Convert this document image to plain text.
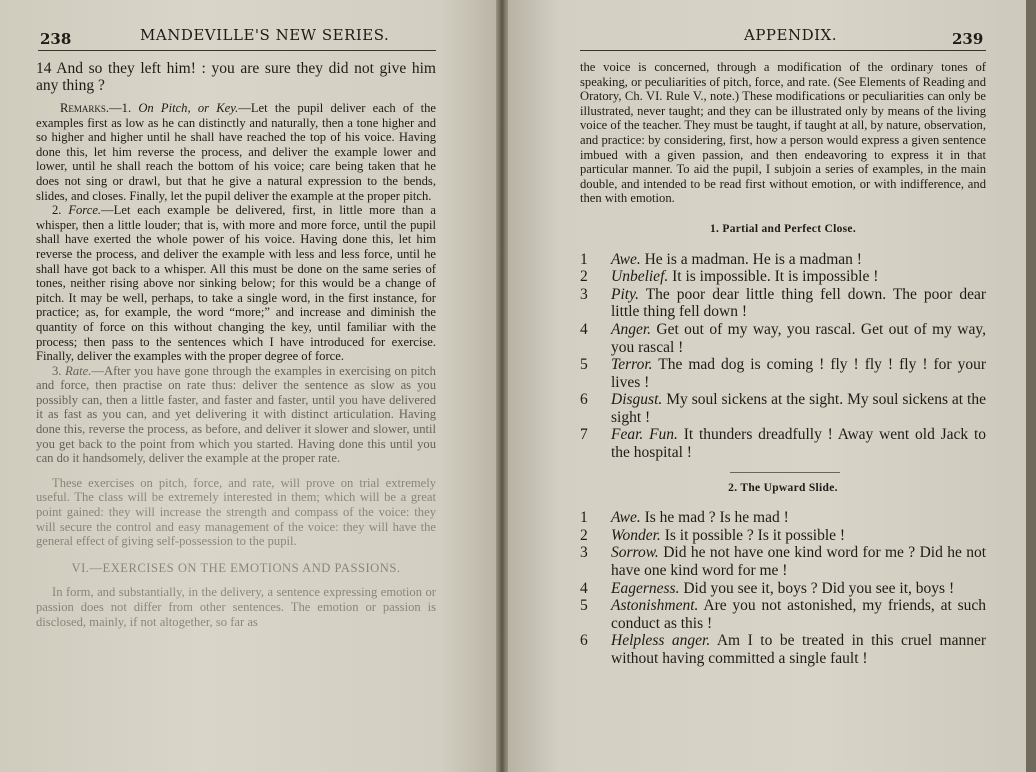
238	MANDEVILLE'S NEW SERIES.

14 And so they left him! : you are sure they did not give him any thing ?

Remarks.—1. On Pitch, or Key.—Let the pupil deliver each of the examples first as low as he can distinctly and naturally, then a tone higher and so higher and higher until he shall have reached the top of his voice. Having done this, let him reverse the process, and deliver the example lower and lower, until he shall reach the bottom of his voice; care being taken that he does not sing or drawl, but that he give a natural expression to the bends, slides, and closes. Finally, let the pupil deliver the example at the proper pitch.

2. Force.—Let each example be delivered, first, in little more than a whisper, then a little louder; that is, with more and more force, until the pupil shall have exerted the whole power of his voice. Having done this, let him reverse the process, and deliver the example with less and less force, until he shall have got back to a whisper. All this must be done on the same series of tones, neither rising above nor sinking below; for this would be a change of pitch. It may be well, perhaps, to take a single word, in the first instance, for practice; as, for example, the word “more;” and increase and diminish the quantity of force on this without changing the key, until familiar with the process; then pass to the sentences which I have introduced for exercise. Finally, deliver the examples with the proper degree of force.

3. Rate.—After you have gone through the examples in exercising on pitch and force, then practise on rate thus: deliver the sentence as slow as you possibly can, then a little faster, and faster and faster, until you have delivered it as fast as you can, and yet delivering it with distinct articulation. Having done this, reverse the process, as before, and deliver it slower and slower, until you get back to the point from which you started. Having done this until you can do it handsomely, deliver the example at the proper rate.

These exercises on pitch, force, and rate, will prove on trial extremely useful. The class will be extremely interested in them; which will be a great point gained: they will increase the strength and compass of the voice: they will secure the control and easy management of the voice: they will have the general effect of giving self-possession to the pupil.

VI.—EXERCISES ON THE EMOTIONS AND PASSIONS.

In form, and substantially, in the delivery, a sentence expressing emotion or passion does not differ from other sentences. The emotion or passion is disclosed, mainly, if not altogether, so far as

APPENDIX.	239

the voice is concerned, through a modification of the ordinary tones of speaking, or peculiarities of pitch, force, and rate. (See Elements of Reading and Oratory, Ch. VI. Rule V., note.) These modifications or peculiarities can only be illustrated, never taught; and they can be illustrated only by means of the living voice of the teacher. They must be taught, if taught at all, by nature, observation, and practice: by considering, first, how a person would express a given sentence imbued with a given passion, and then endeavoring to express it in that particular manner. To aid the pupil, I subjoin a series of examples, in the main double, and intended to be read first without emotion, or with indifference, and then with emotion.

1. Partial and Perfect Close.

1 Awe. He is a madman. He is a madman !
2 Unbelief. It is impossible. It is impossible !
3 Pity. The poor dear little thing fell down. The poor dear little thing fell down !
4 Anger. Get out of my way, you rascal. Get out of my way, you rascal !
5 Terror. The mad dog is coming ! fly ! fly ! fly ! for your lives !
6 Disgust. My soul sickens at the sight. My soul sickens at the sight !
7 Fear. Fun. It thunders dreadfully ! Away went old Jack to the hospital !

2. The Upward Slide.

1 Awe. Is he mad ? Is he mad !
2 Wonder. Is it possible ? Is it possible !
3 Sorrow. Did he not have one kind word for me ? Did he not have one kind word for me !
4 Eagerness. Did you see it, boys ? Did you see it, boys !
5 Astonishment. Are you not astonished, my friends, at such conduct as this !
6 Helpless anger. Am I to be treated in this cruel manner without having committed a single fault !
